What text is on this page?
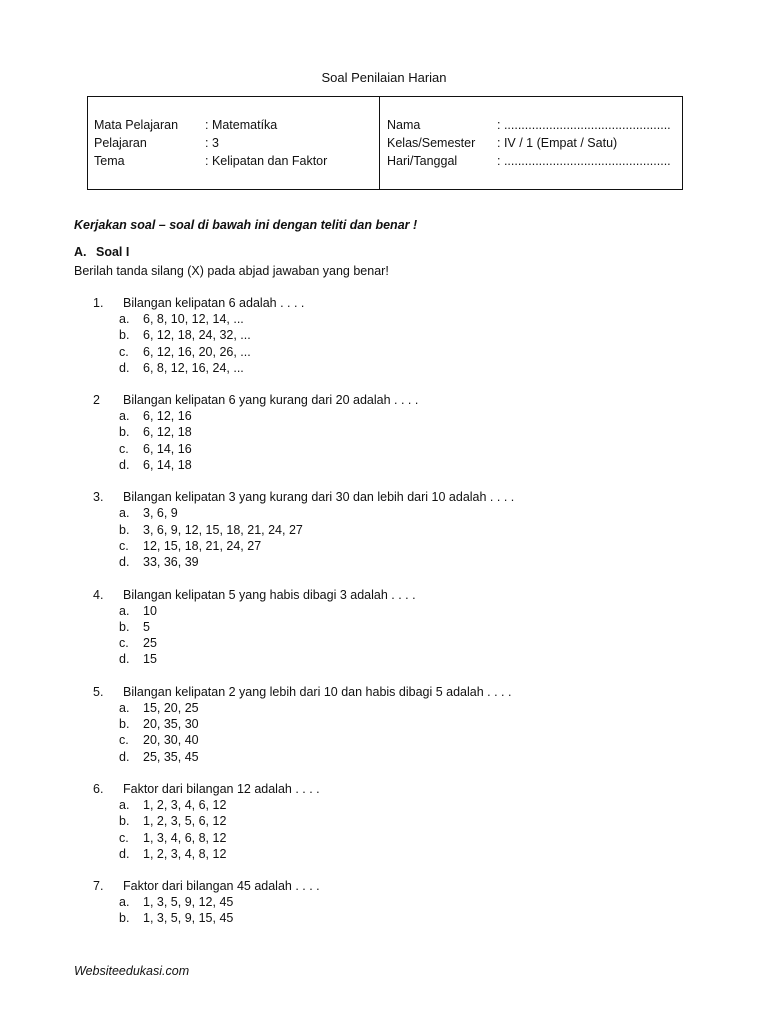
Soal Penilaian Harian
Mata Pelajaran : Matematíka
Pelajaran	: 3
Tema	: Kelipatan dan Faktor
Nama	: ................................................
Kelas/Semester : IV / 1 (Empat / Satu)
Hari/Tanggal	: ................................................
Kerjakan soal – soal di bawah ini dengan teliti dan benar !
A. Soal I
Berilah tanda silang (X) pada abjad jawaban yang benar!
1. Bilangan kelipatan 6 adalah . . . .
a. 6, 8, 10, 12, 14, ...
b. 6, 12, 18, 24, 32, ...
c. 6, 12, 16, 20, 26, ...
d. 6, 8, 12, 16, 24, ...
2 Bilangan kelipatan 6 yang kurang dari 20 adalah . . . .
a. 6, 12, 16
b. 6, 12, 18
c. 6, 14, 16
d. 6, 14, 18
3. Bilangan kelipatan 3 yang kurang dari 30 dan lebih dari 10 adalah . . . .
a. 3, 6, 9
b. 3, 6, 9, 12, 15, 18, 21, 24, 27
c. 12, 15, 18, 21, 24, 27
d. 33, 36, 39
4. Bilangan kelipatan 5 yang habis dibagi 3 adalah . . . .
a. 10
b. 5
c. 25
d. 15
5. Bilangan kelipatan 2 yang lebih dari 10 dan habis dibagi 5 adalah . . . .
a. 15, 20, 25
b. 20, 35, 30
c. 20, 30, 40
d. 25, 35, 45
6. Faktor dari bilangan 12 adalah . . . .
a. 1, 2, 3, 4, 6, 12
b. 1, 2, 3, 5, 6, 12
c. 1, 3, 4, 6, 8, 12
d. 1, 2, 3, 4, 8, 12
7. Faktor dari bilangan 45 adalah . . . .
a. 1, 3, 5, 9, 12, 45
b. 1, 3, 5, 9, 15, 45
Websiteedukasi.com
